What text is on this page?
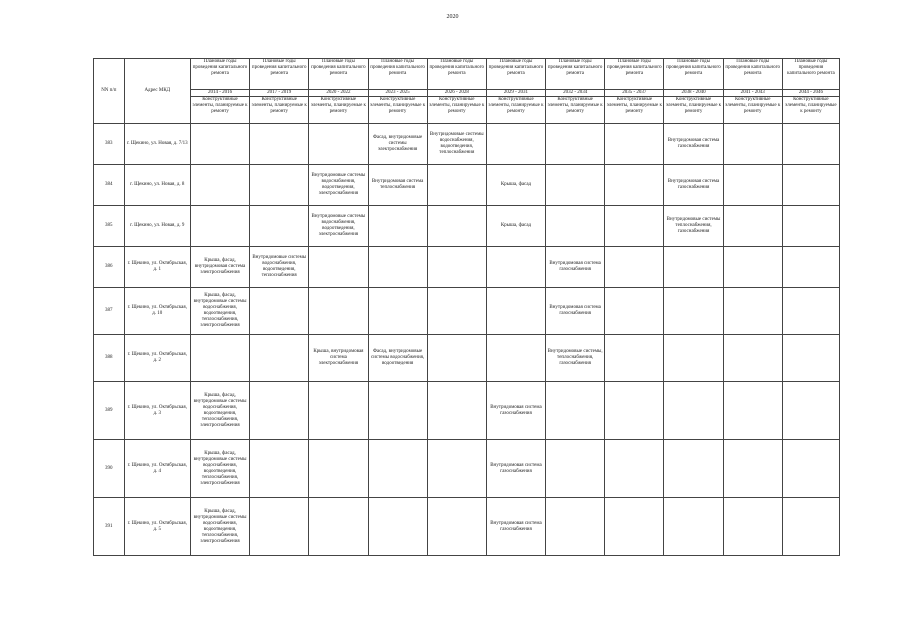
2020
NN п/п	Адрес МКД	Плановые годы проведения капитального ремонта	Плановые годы проведения капитального ремонта	Плановые годы проведения капитального ремонта	Плановые годы проведения капитального ремонта	Плановые годы проведения капитального ремонта	Плановые годы проведения капитального ремонта	Плановые годы проведения капитального ремонта	Плановые годы проведения капитального ремонта	Плановые годы проведения капитального ремонта	Плановые годы проведения капитального ремонта	Плановые годы проведения капитального ремонта
		2014 - 2016	2017 - 2019	2020 - 2022	2023 - 2025	2026 - 2028	2029 - 2031	2032 - 2034	2035 - 2037	2038 - 2040	2041 - 2043	2044 - 2046
		Конструктивные элементы, планируемые к ремонту	Конструктивные элементы, планируемые к ремонту	Конструктивные элементы, планируемые к ремонту	Конструктивные элементы, планируемые к ремонту	Конструктивные элементы, планируемые к ремонту	Конструктивные элементы, планируемые к ремонту	Конструктивные элементы, планируемые к ремонту	Конструктивные элементы, планируемые к ремонту	Конструктивные элементы, планируемые к ремонту	Конструктивные элементы, планируемые к ремонту	Конструктивные элементы, планируемые к ремонту
383	г. Щекино, ул. Новая, д. 7/13				Фасад, внутридомовые системы электроснабжения	Внутридомовые системы водоснабжения, водоотведения, теплоснабжения				Внутридомовая система газоснабжения		
384	г. Щекино, ул. Новая, д. 8			Внутридомовые системы водоснабжения, водоотведения, электроснабжения	Внутридомовая система теплоснабжения		Крыша, фасад			Внутридомовая система газоснабжения		
385	г. Щекино, ул. Новая, д. 9			Внутридомовые системы водоснабжения, водоотведения, электроснабжения			Крыша, фасад			Внутридомовые системы теплоснабжения, газоснабжения		
386	г. Щекино, ул. Октябрьская, д. 1	Крыша, фасад, внутридомовая система электроснабжения	Внутридомовые системы водоснабжения, водоотведения, теплоснабжения					Внутридомовая система газоснабжения				
387	г. Щекино, ул. Октябрьская, д. 10	Крыша, фасад, внутридомовые системы водоснабжения, водоотведения, теплоснабжения, электроснабжения						Внутридомовая система газоснабжения				
388	г. Щекино, ул. Октябрьская, д. 2			Крыша, внутридомовая система электроснабжения	Фасад, внутридомовые системы водоснабжения, водоотведения			Внутридомовые системы, теплоснабжения, газоснабжения				
389	г. Щекино, ул. Октябрьская, д. 3	Крыша, фасад, внутридомовые системы водоснабжения, водоотведения, теплоснабжения, электроснабжения					Внутридомовая система газоснабжения					
390	г. Щекино, ул. Октябрьская, д. 4	Крыша, фасад, внутридомовые системы водоснабжения, водоотведения, теплоснабжения, электроснабжения					Внутридомовая система газоснабжения					
391	г. Щекино, ул. Октябрьская, д. 5	Крыша, фасад, внутридомовые системы водоснабжения, водоотведения, теплоснабжения, электроснабжения					Внутридомовая система газоснабжения					
